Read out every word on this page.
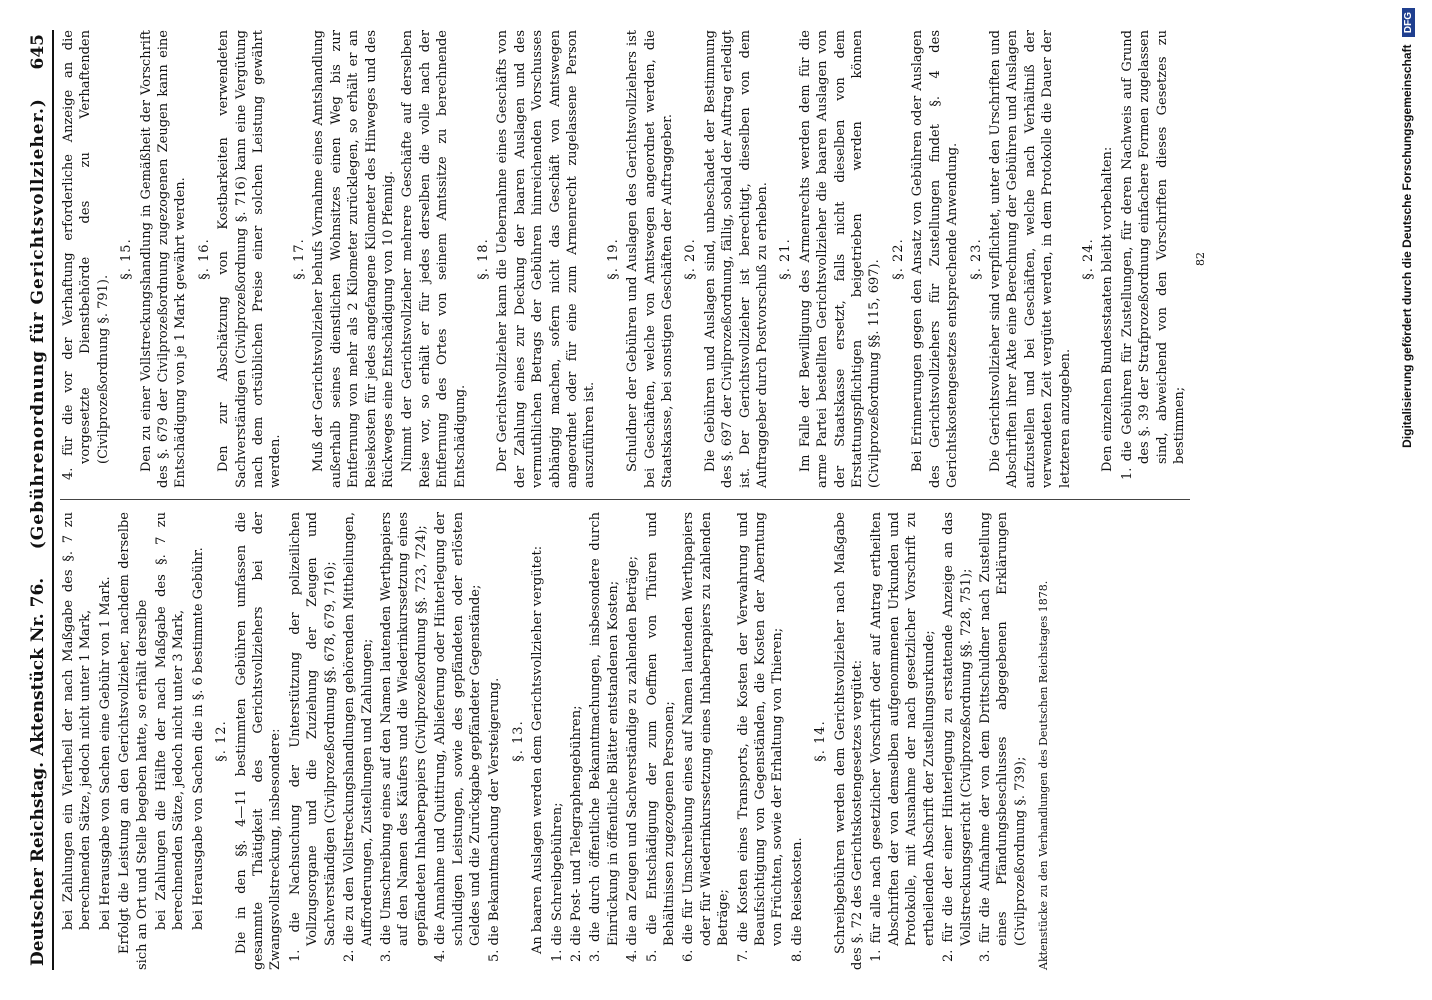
Deutscher Reichstag. Aktenstück Nr. 76.
(Gebührenordnung für Gerichtsvollzieher.)
645

bei Zahlungen ein Viertheil der nach Maßgabe des §. 7 zu berechnenden Sätze, jedoch nicht unter 1 Mark, bei Herausgabe von Sachen eine Gebühr von 1 Mark. Erfolgt die Leistung an den Gerichtsvollzieher, nachdem derselbe sich an Ort und Stelle begeben hatte, so erhält derselbe bei Zahlungen die Hälfte der nach Maßgabe des §. 7 zu berechnenden Sätze, jedoch nicht unter 3 Mark, bei Herausgabe von Sachen die in §. 6 bestimmte Gebühr. §. 12. Die in den §§. 4—11 bestimmten Gebühren umfassen die gesammte Thätigkeit des Gerichtsvollziehers bei der Zwangsvollstreckung, insbesondere: 1. die Nachsuchung der Unterstützung der polizeilichen Vollzugsorgane und die Zuziehung der Zeugen und Sachverständigen (Civilprozeßordnung §§. 678, 679, 716); 2. die zu den Vollstreckungshandlungen gehörenden Mittheilungen, Aufforderungen, Zustellungen und Zahlungen; 3. die Umschreibung eines auf den Namen lautenden Werthpapiers auf den Namen des Käufers und die Wiederinkurssetzung eines gepfändeten Inhaberpapiers (Civilprozeßordnung §§. 723, 724); 4. die Annahme und Quittirung, Ablieferung oder Hinterlegung der schuldigen Leistungen, sowie des gepfändeten oder erlösten Geldes und die Zurückgabe gepfändeter Gegenstände; 5. die Bekanntmachung der Versteigerung. §. 13. An baaren Auslagen werden dem Gerichtsvollzieher vergütet: 1. die Schreibgebühren; 2. die Post- und Telegraphengebühren; 3. die durch öffentliche Bekanntmachungen, insbesondere durch Einrückung in öffentliche Blätter entstandenen Kosten; 4. die an Zeugen und Sachverständige zu zahlenden Beträge; 5. die Entschädigung der zum Oeffnen von Thüren und Behältnissen zugezogenen Personen; 6. die für Umschreibung eines auf Namen lautenden Werthpapiers oder für Wiederinkurssetzung eines Inhaberpapiers zu zahlenden Beträge; 7. die Kosten eines Transports, die Kosten der Verwahrung und Beaufsichtigung von Gegenständen, die Kosten der Aberntung von Früchten, sowie der Erhaltung von Thieren; 8. die Reisekosten.

§. 14. Schreibgebühren werden dem Gerichtsvollzieher nach Maßgabe des §. 72 des Gerichtskostengesetzes vergütet: 1. für alle nach gesetzlicher Vorschrift oder auf Antrag ertheilten Abschriften der von demselben aufgenommenen Urkunden und Protokolle, mit Ausnahme der nach gesetzlicher Vorschrift zu ertheilenden Abschrift der Zustellungsurkunde; 2. für die der einer Hinterlegung zu erstattende Anzeige an das Vollstreckungsgericht (Civilprozeßordnung §§. 728, 751); 3. für die Aufnahme der von dem Drittschuldner nach Zustellung eines Pfändungsbeschlusses abgegebenen Erklärungen (Civilprozeßordnung §. 739); Aktenstücke zu den Verhandlungen des Deutschen Reichstages 1878.

4. für die vor der Verhaftung erforderliche Anzeige an die vorgesetzte Dienstbehörde des zu Verhaftenden (Civilprozeßordnung §. 791).

§. 15. Den zu einer Vollstreckungshandlung in Gemäßheit der Vorschrift des §. 679 der Civilprozeßordnung zugezogenen Zeugen kann eine Entschädigung von je 1 Mark gewährt werden. §. 16. Den zur Abschätzung von Kostbarkeiten verwendeten Sachverständigen (Civilprozeßordnung §. 716) kann eine Vergütung nach dem ortsüblichen Preise einer solchen Leistung gewährt werden.

§. 17. Muß der Gerichtsvollzieher behufs Vornahme eines Amtshandlung außerhalb seines dienstlichen Wohnsitzes einen Weg bis zur Entfernung von mehr als 2 Kilometer zurücklegen, so erhält er an Reisekosten für jedes angefangene Kilometer des Hinweges und des Rückweges eine Entschädigung von 10 Pfennig. Nimmt der Gerichtsvollzieher mehrere Geschäfte auf derselben Reise vor, so erhält er für jedes derselben die volle nach der Entfernung des Ortes von seinem Amtssitze zu berechnende Entschädigung.

§. 18. Der Gerichtsvollzieher kann die Uebernahme eines Geschäfts von der Zahlung eines zur Deckung der baaren Auslagen und des vermuthlichen Betrags der Gebühren hinreichenden Vorschusses abhängig machen, sofern nicht das Geschäft von Amtswegen angeordnet oder für eine zum Armenrecht zugelassene Person auszuführen ist.

§. 19. Schuldner der Gebühren und Auslagen des Gerichtsvollziehers ist bei Geschäften, welche von Amtswegen angeordnet werden, die Staatskasse, bei sonstigen Geschäften der Auftraggeber. §. 20. Die Gebühren und Auslagen sind, unbeschadet der Bestimmung des §. 697 der Civilprozeßordnung, fällig, sobald der Auftrag erledigt ist. Der Gerichtsvollzieher ist berechtigt, dieselben von dem Auftraggeber durch Postvorschuß zu erheben. §. 21. Im Falle der Bewilligung des Armenrechts werden dem für die arme Partei bestellten Gerichtsvollzieher die baaren Auslagen von der Staatskasse ersetzt, falls nicht dieselben von dem Erstattungspflichtigen beigetrieben werden können (Civilprozeßordnung §§. 115, 697).

§. 22. Bei Erinnerungen gegen den Ansatz von Gebühren oder Auslagen des Gerichtsvollziehers für Zustellungen findet §. 4 des Gerichtskostengesetzes entsprechende Anwendung. §. 23. Die Gerichtsvollzieher sind verpflichtet, unter den Urschriften und Abschriften ihrer Akte eine Berechnung der Gebühren und Auslagen aufzustellen und bei Geschäften, welche nach Verhältniß der verwendeten Zeit vergütet werden, in dem Protokolle die Dauer der letzteren anzugeben.

§. 24. Den einzelnen Bundesstaaten bleibt vorbehalten: 1. die Gebühren für Zustellungen, für deren Nachweis auf Grund des §. 39 der Strafprozeßordnung einfachere Formen zugelassen sind, abweichend von den Vorschriften dieses Gesetzes zu bestimmen;

82	Digitalisierung gefördert durch die Deutsche Forschungsgemeinschaft DFG
